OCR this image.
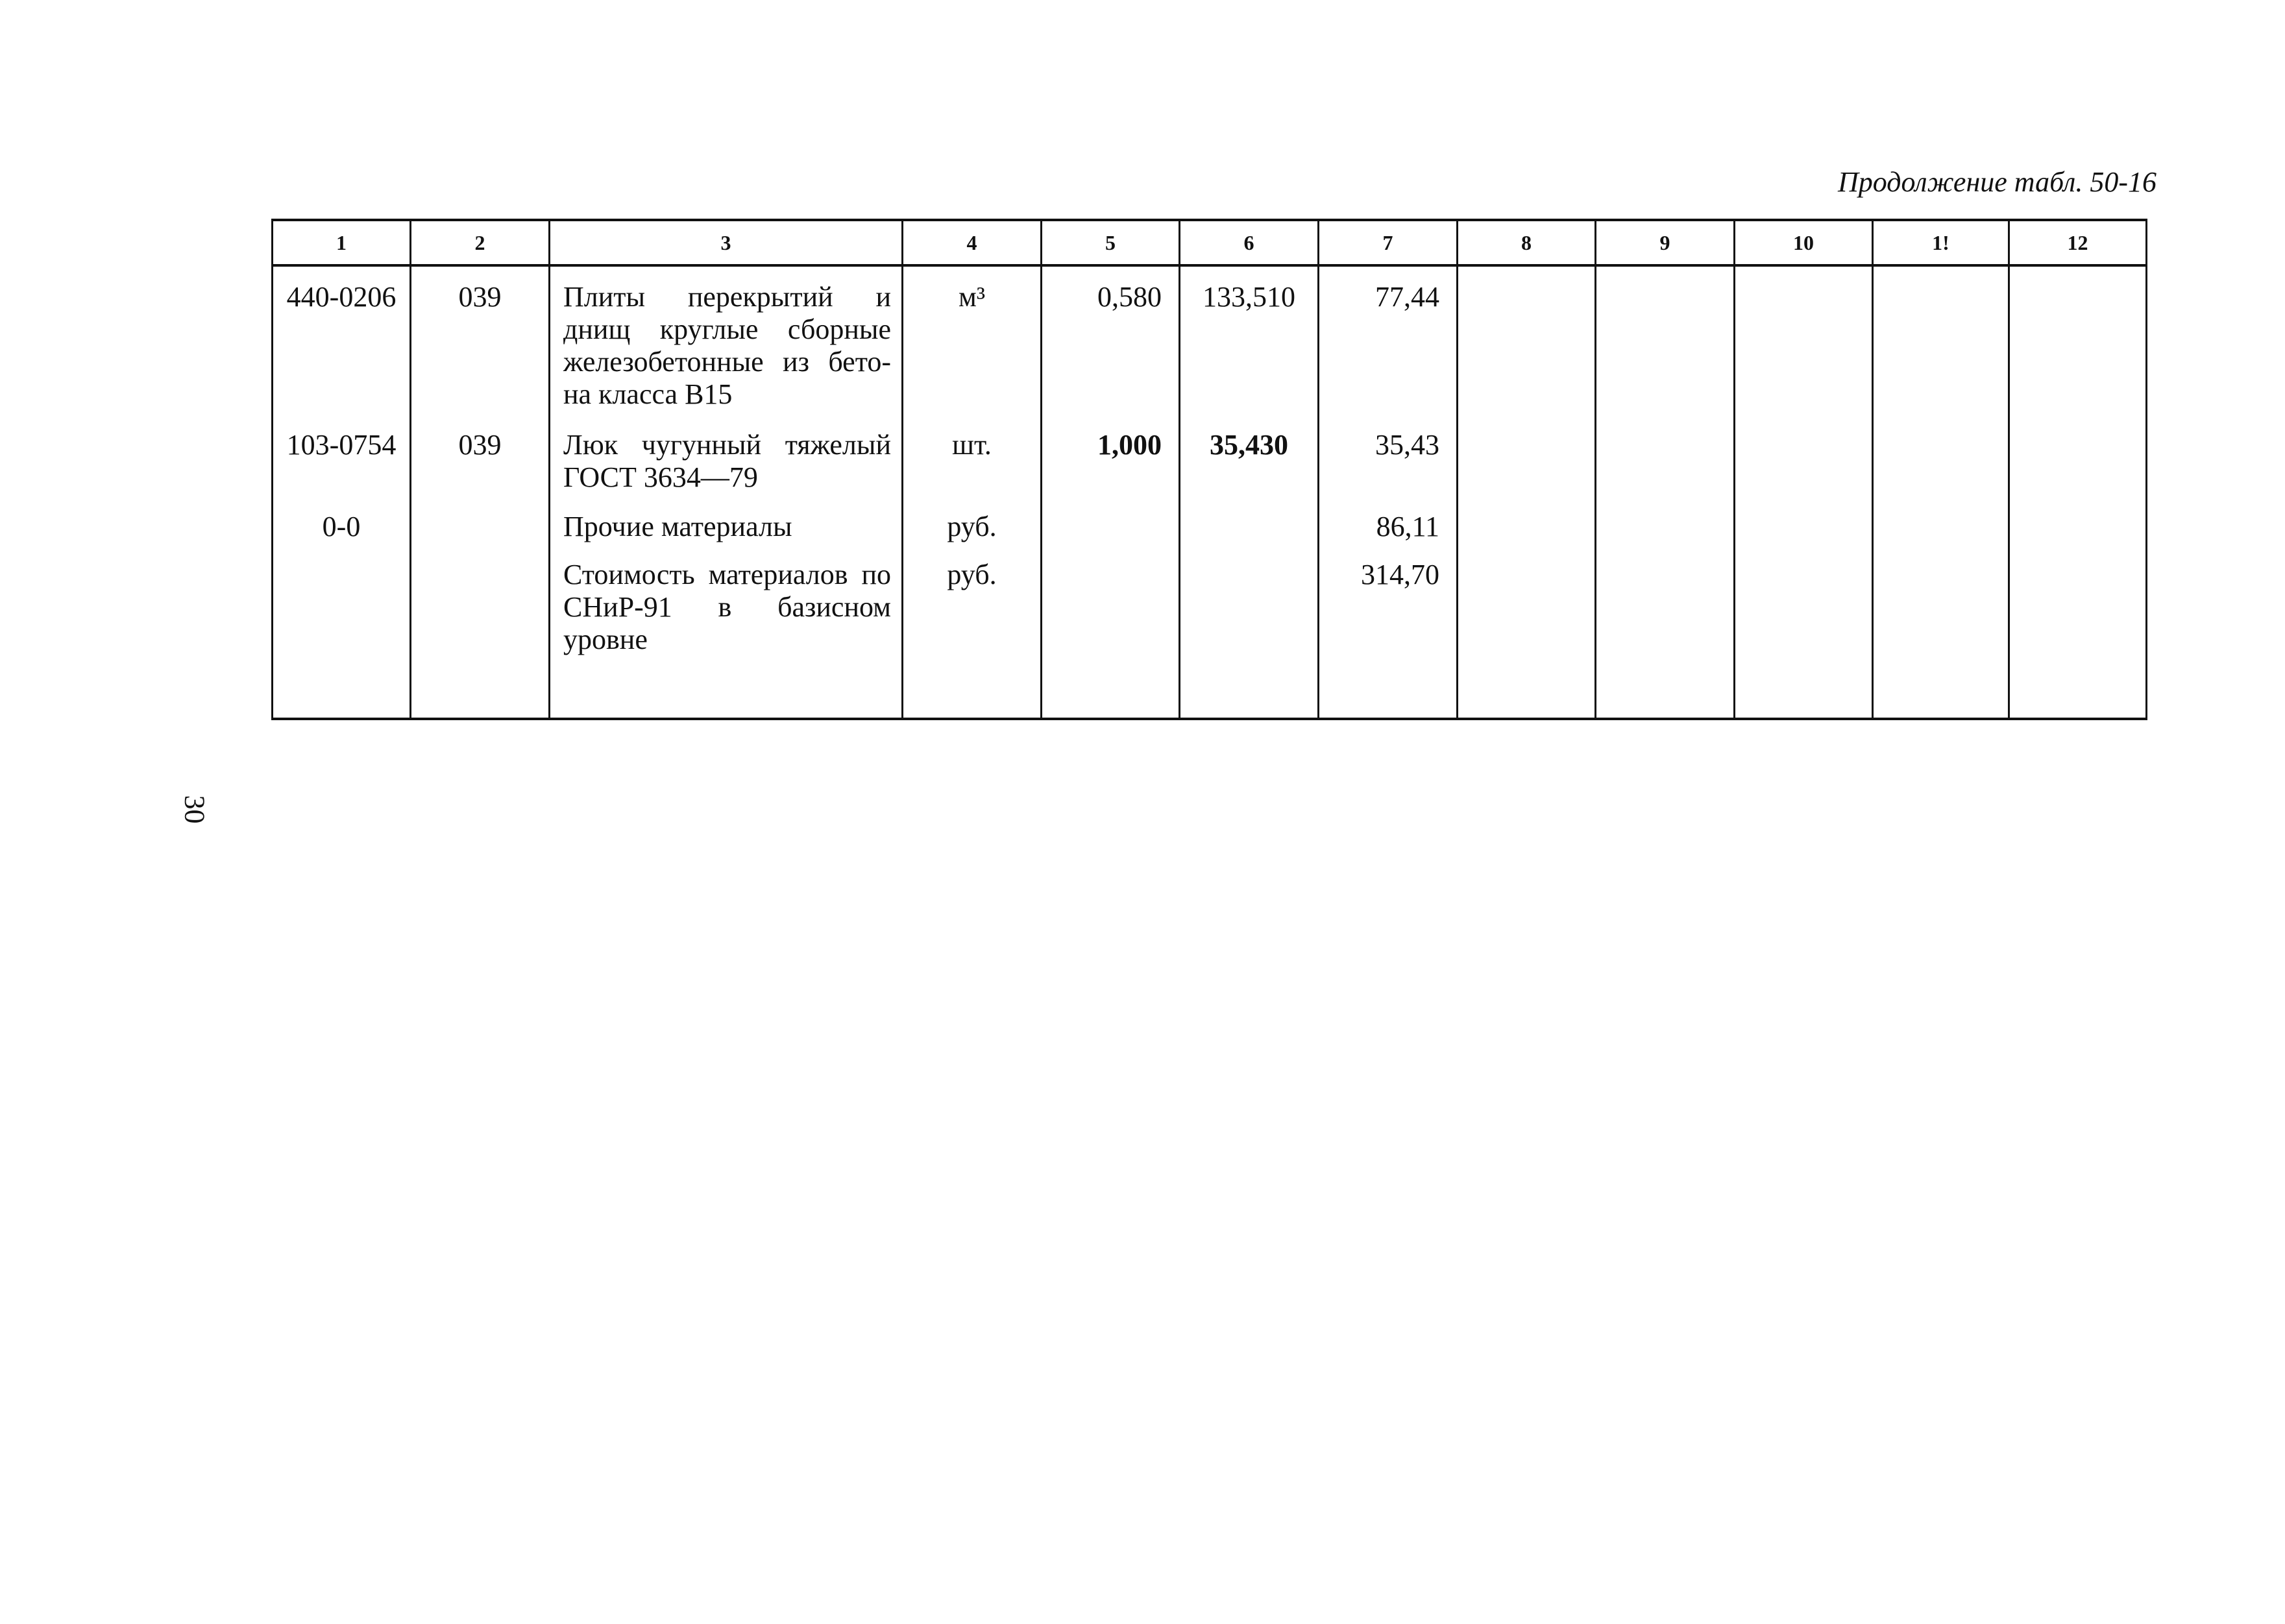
Продолжение табл. 50-16
1	2	3	4	5	6	7	8	9	10	1!	12
440-0206	039	Плиты перекрытий и днищ круглые сборные железобетонные из бето-на класса В15	м³	0,580	133,510	77,44					
103-0754	039	Люк чугунный тяжелый ГОСТ 3634—79	шт.	1,000	35,430	35,43					
0-0		Прочие материалы	руб.			86,11					
		Стоимость материалов по СНиР-91 в базисном уровне	руб.			314,70					
30
